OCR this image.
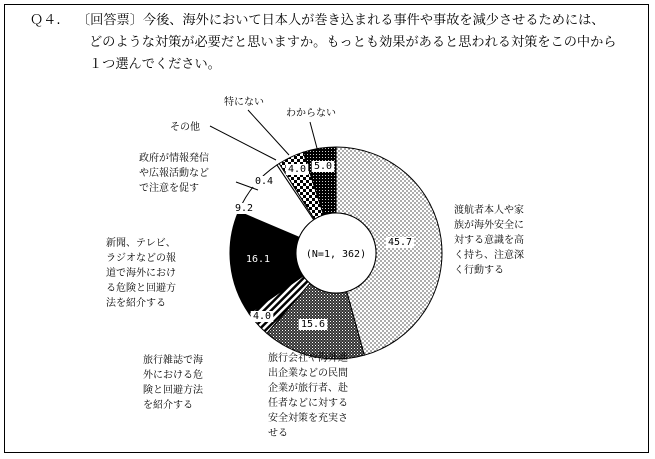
Ｑ４. 〔回答票〕今後、海外において日本人が巻き込まれる事件や事故を減少させるためには、
どのような対策が必要だと思いますか。もっとも効果があると思われる対策をこの中から
１つ選んでください。
45.7
渡航者本人や家族が海外安全に対する意識を高く持ち、注意深く行動する
15.6
旅行会社や海外進出企業などの民間企業が旅行者、赴任者などに対する安全対策を充実させる
4.0
旅行雑誌で海外における危険と回避方法を紹介する
16.1
新聞、テレビ、ラジオなどの報道で海外における危険と回避方法を紹介する
9.2
政府が情報発信や広報活動などで注意を促す
0.4
その他
4.0
特にない
5.0
わからない
(N=1, 362)
